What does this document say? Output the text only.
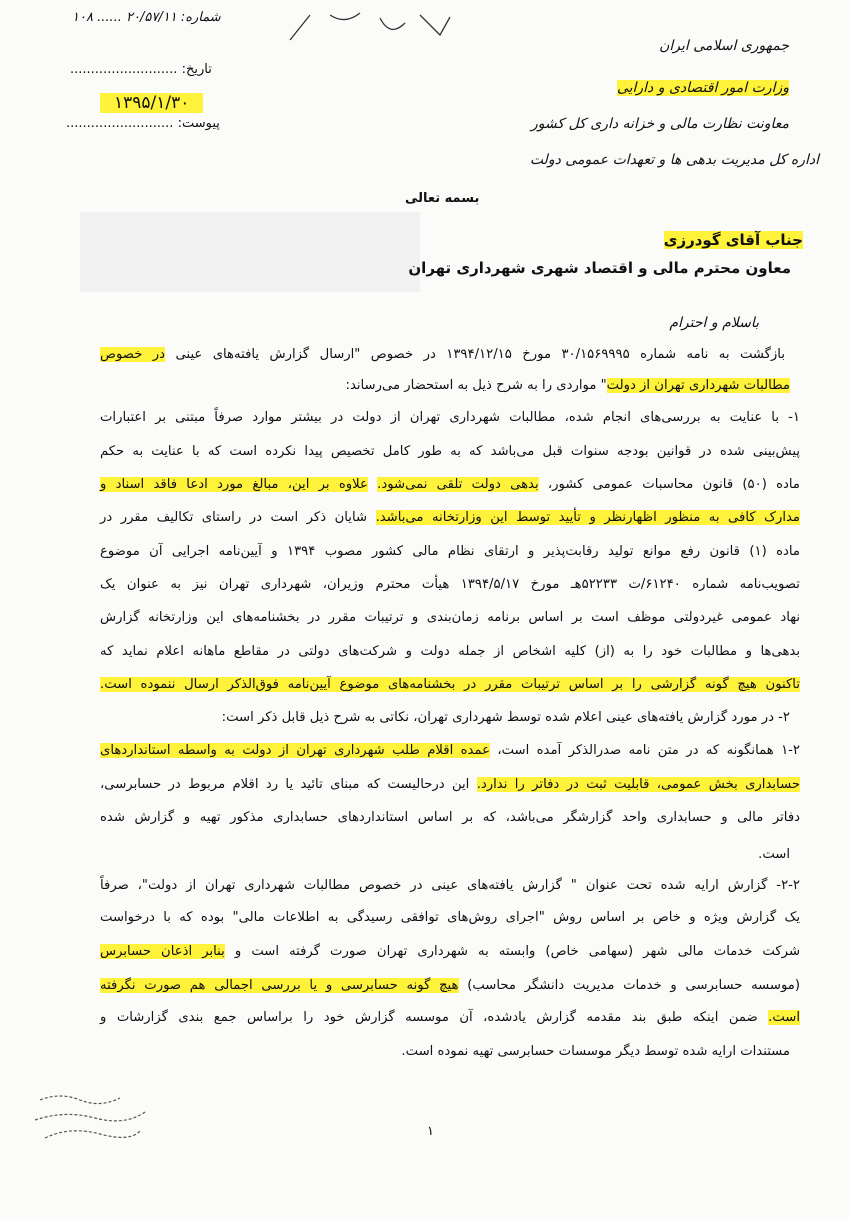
جمهوری اسلامی ایران
وزارت امور اقتصادی و دارایی
معاونت نظارت مالی و خزانه داری کل کشور
اداره کل مدیریت بدهی ها و تعهدات عمومی دولت
شماره: ۲۰/۵۷/۱۱ ...... ۱۰۸
تاریخ: ..........................
۱۳۹۵/۱/۳۰
پیوست: ..........................
بسمه تعالی
جناب آقای گودرزی
معاون محترم مالی و اقتصاد شهری شهرداری تهران
باسلام و احترام
بازگشت به نامه شماره ۳۰/۱۵۶۹۹۹۵ مورخ ۱۳۹۴/۱۲/۱۵ در خصوص "ارسال گزارش یافته‌های عینی در خصوص
مطالبات شهرداری تهران از دولت" مواردی را به شرح ذیل به استحضار می‌رساند:
۱- با عنایت به بررسی‌های انجام شده، مطالبات شهرداری تهران از دولت در بیشتر موارد صرفاً مبتنی بر اعتبارات
پیش‌بینی شده در قوانین بودجه سنوات قبل می‌باشد که به طور کامل تخصیص پیدا نکرده است که با عنایت به حکم
ماده (۵۰) قانون محاسبات عمومی کشور، بدهی دولت تلقی نمی‌شود. علاوه بر این، مبالغ مورد ادعا فاقد اسناد و
مدارک کافی به منظور اظهارنظر و تأیید توسط این وزارتخانه می‌باشد. شایان ذکر است در راستای تکالیف مقرر در
ماده (۱) قانون رفع موانع تولید رقابت‌پذیر و ارتقای نظام مالی کشور مصوب ۱۳۹۴ و آیین‌نامه اجرایی آن موضوع
تصویب‌نامه شماره ۶۱۲۴۰/ت ۵۲۲۳۳هـ مورخ ۱۳۹۴/۵/۱۷ هیأت محترم وزیران، شهرداری تهران نیز به عنوان یک
نهاد عمومی غیردولتی موظف است بر اساس برنامه زمان‌بندی و ترتیبات مقرر در بخشنامه‌های این وزارتخانه گزارش
بدهی‌ها و مطالبات خود را به (از) کلیه اشخاص از جمله دولت و شرکت‌های دولتی در مقاطع ماهانه اعلام نماید که
تاکنون هیچ گونه گزارشی را بر اساس ترتیبات مقرر در بخشنامه‌های موضوع آیین‌نامه فوق‌الذکر ارسال ننموده است.
۲- در مورد گزارش یافته‌های عینی اعلام شده توسط شهرداری تهران، نکاتی به شرح ذیل قابل ذکر است:
۱-۲ همانگونه که در متن نامه صدرالذکر آمده است، عمده اقلام طلب شهرداری تهران از دولت به واسطه استانداردهای
حسابداری بخش عمومی، قابلیت ثبت در دفاتر را ندارد. این درحالیست که مبنای تائید یا رد اقلام مربوط در حسابرسی،
دفاتر مالی و حسابداری واحد گزارشگر می‌باشد، که بر اساس استانداردهای حسابداری مذکور تهیه و گزارش شده
است.
۲-۲- گزارش ارایه شده تحت عنوان " گزارش یافته‌های عینی در خصوص مطالبات شهرداری تهران از دولت"، صرفاً
یک گزارش ویژه و خاص بر اساس روش "اجرای روش‌های توافقی رسیدگی به اطلاعات مالی" بوده که با درخواست
شرکت خدمات مالی شهر (سهامی خاص) وابسته به شهرداری تهران صورت گرفته است و بنابر اذعان حسابرس
(موسسه حسابرسی و خدمات مدیریت دانشگر محاسب) هیچ گونه حسابرسی و یا بررسی اجمالی هم صورت نگرفته
است. ضمن اینکه طبق بند مقدمه گزارش یادشده، آن موسسه گزارش خود را براساس جمع بندی گزارشات و
مستندات ارایه شده توسط دیگر موسسات حسابرسی تهیه نموده است.
۱
